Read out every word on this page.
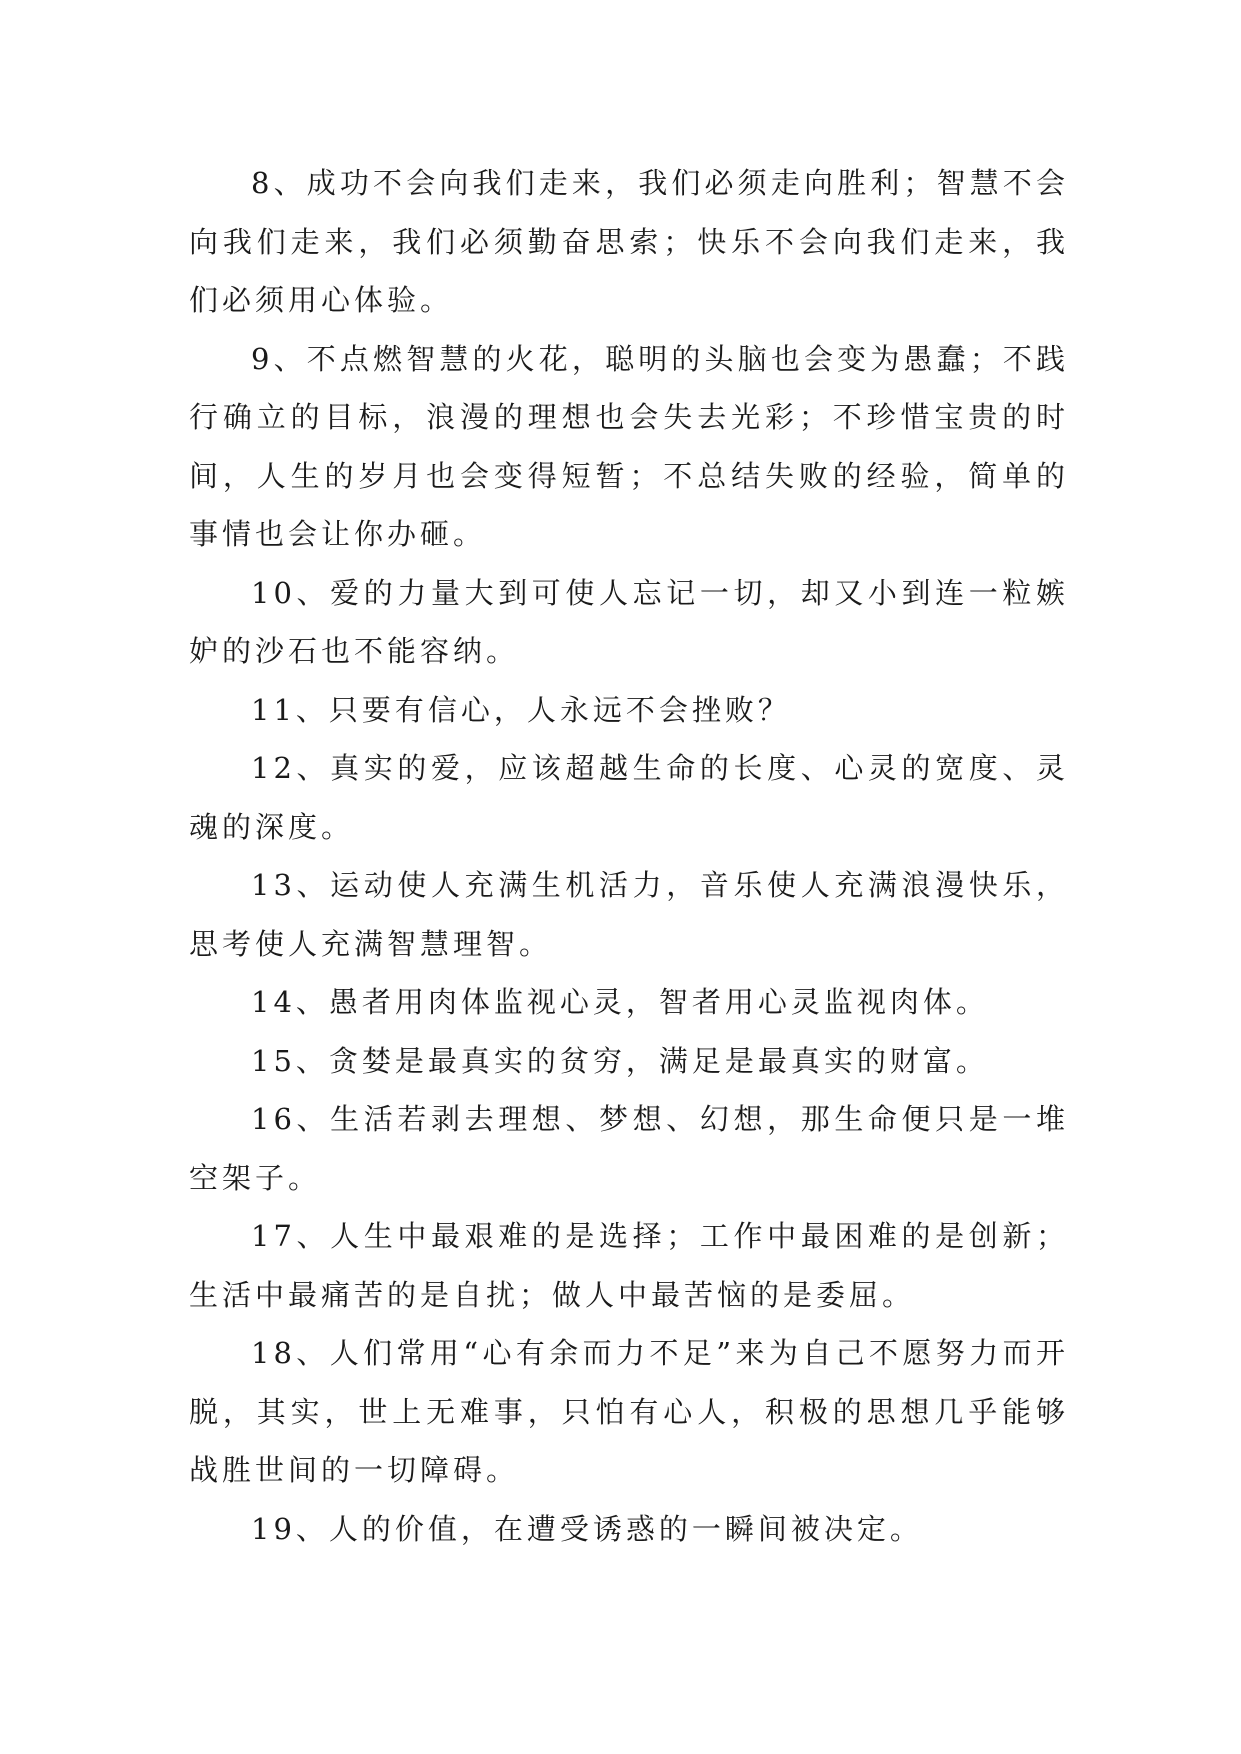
8、成功不会向我们走来，我们必须走向胜利；智慧不会向我们走来，我们必须勤奋思索；快乐不会向我们走来，我们必须用心体验。

9、不点燃智慧的火花，聪明的头脑也会变为愚蠢；不践行确立的目标，浪漫的理想也会失去光彩；不珍惜宝贵的时间，人生的岁月也会变得短暂；不总结失败的经验，简单的事情也会让你办砸。

10、爱的力量大到可使人忘记一切，却又小到连一粒嫉妒的沙石也不能容纳。

11、只要有信心，人永远不会挫败？

12、真实的爱，应该超越生命的长度、心灵的宽度、灵魂的深度。

13、运动使人充满生机活力，音乐使人充满浪漫快乐，思考使人充满智慧理智。

14、愚者用肉体监视心灵，智者用心灵监视肉体。

15、贪婪是最真实的贫穷，满足是最真实的财富。

16、生活若剥去理想、梦想、幻想，那生命便只是一堆空架子。

17、人生中最艰难的是选择；工作中最困难的是创新；生活中最痛苦的是自扰；做人中最苦恼的是委屈。

18、人们常用“心有余而力不足”来为自己不愿努力而开脱，其实，世上无难事，只怕有心人，积极的思想几乎能够战胜世间的一切障碍。

19、人的价值，在遭受诱惑的一瞬间被决定。
